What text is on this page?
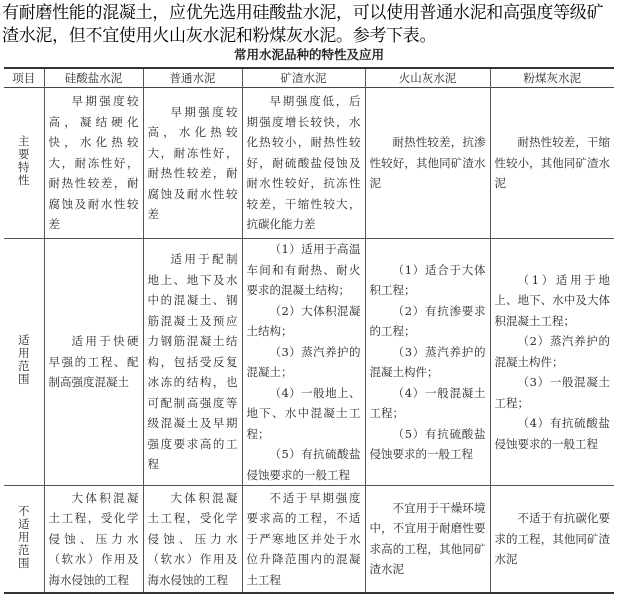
有耐磨性能的混凝土，应优先选用硅酸盐水泥，可以使用普通水泥和高强度等级矿渣水泥，但不宜使用火山灰水泥和粉煤灰水泥。参考下表。
常用水泥品种的特性及应用
项目	硅酸盐水泥	普通水泥	矿渣水泥	火山灰水泥	粉煤灰水泥
主要特性	早期强度较高，凝结硬化快，水化热较大，耐冻性好，耐热性较差，耐腐蚀及耐水性较差	早期强度较高，水化热较大，耐冻性好，耐热性较差，耐腐蚀及耐水性较差	早期强度低，后期强度增长较快，水化热较小，耐热性较好，耐硫酸盐侵蚀及耐水性较好，抗冻性较差，干缩性较大，抗碳化能力差	耐热性较差，抗渗性较好，其他同矿渣水泥	耐热性较差，干缩性较小，其他同矿渣水泥

适用范围	适用于快硬早强的工程、配制高强度混凝土	适用于配制地上、地下及水中的混凝土、钢筋混凝土及预应力钢筋混凝土结构，包括受反复冰冻的结构，也可配制高强度等级混凝土及早期强度要求高的工程	（1）适用于高温车间和有耐热、耐火要求的混凝土结构；
（2）大体积混凝土结构；
（3）蒸汽养护的混凝土；
（4）一般地上、地下、水中混凝土工程；
（5）有抗硫酸盐侵蚀要求的一般工程	（1）适合于大体积工程；
（2）有抗渗要求的工程；
（3）蒸汽养护的混凝土构件；
（4）一般混凝土工程；
（5）有抗硫酸盐侵蚀要求的一般工程	（1）适用于地上、地下、水中及大体积混凝土工程；
（2）蒸汽养护的混凝土构件；
（3）一般混凝土工程；
（4）有抗硫酸盐侵蚀要求的一般工程

不适用范围	大体积混凝土工程，受化学侵蚀、压力水（软水）作用及海水侵蚀的工程	大体积混凝土工程，受化学侵蚀、压力水（软水）作用及海水侵蚀的工程	不适于早期强度要求高的工程，不适于严寒地区并处于水位升降范围内的混凝土工程	不宜用于干燥环境中，不宜用于耐磨性要求高的工程，其他同矿渣水泥	不适于有抗碳化要求的工程，其他同矿渣水泥
